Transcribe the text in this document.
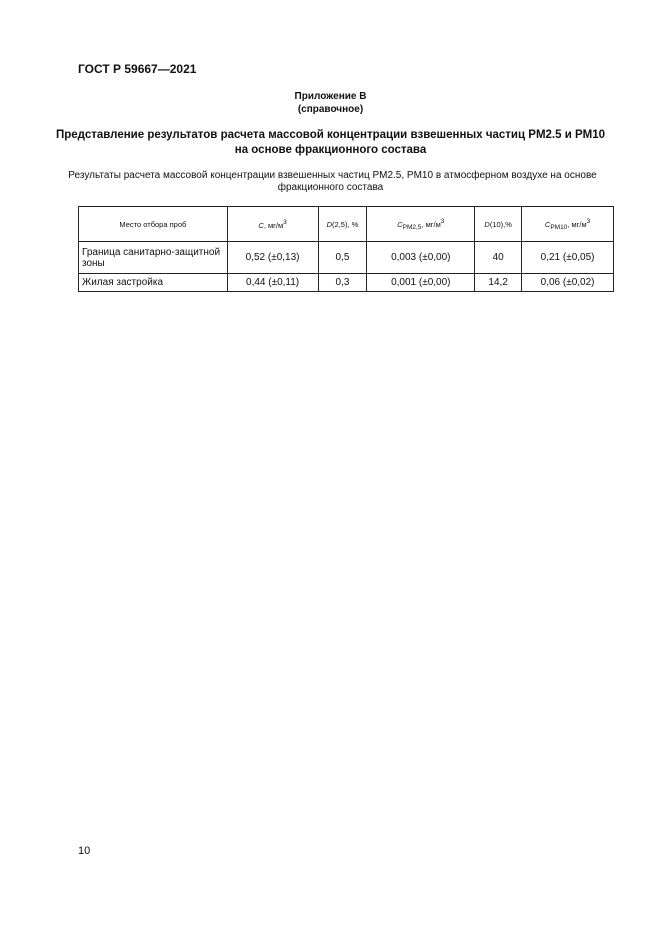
ГОСТ Р 59667—2021
Приложение В
(справочное)
Представление результатов расчета массовой концентрации взвешенных частиц PM2.5 и PM10
на основе фракционного состава
Результаты расчета массовой концентрации взвешенных частиц PM2.5, PM10 в атмосферном воздухе на основе
фракционного состава
Место отбора проб	C, мг/м3	D(2,5), %	CPM2,5, мг/м3	D(10),%	CPM10, мг/м3
Граница санитарно-защитной зоны	0,52 (±0,13)	0,5	0,003 (±0,00)	40	0,21 (±0,05)
Жилая застройка	0,44 (±0,11)	0,3	0,001 (±0,00)	14,2	0,06 (±0,02)
10
